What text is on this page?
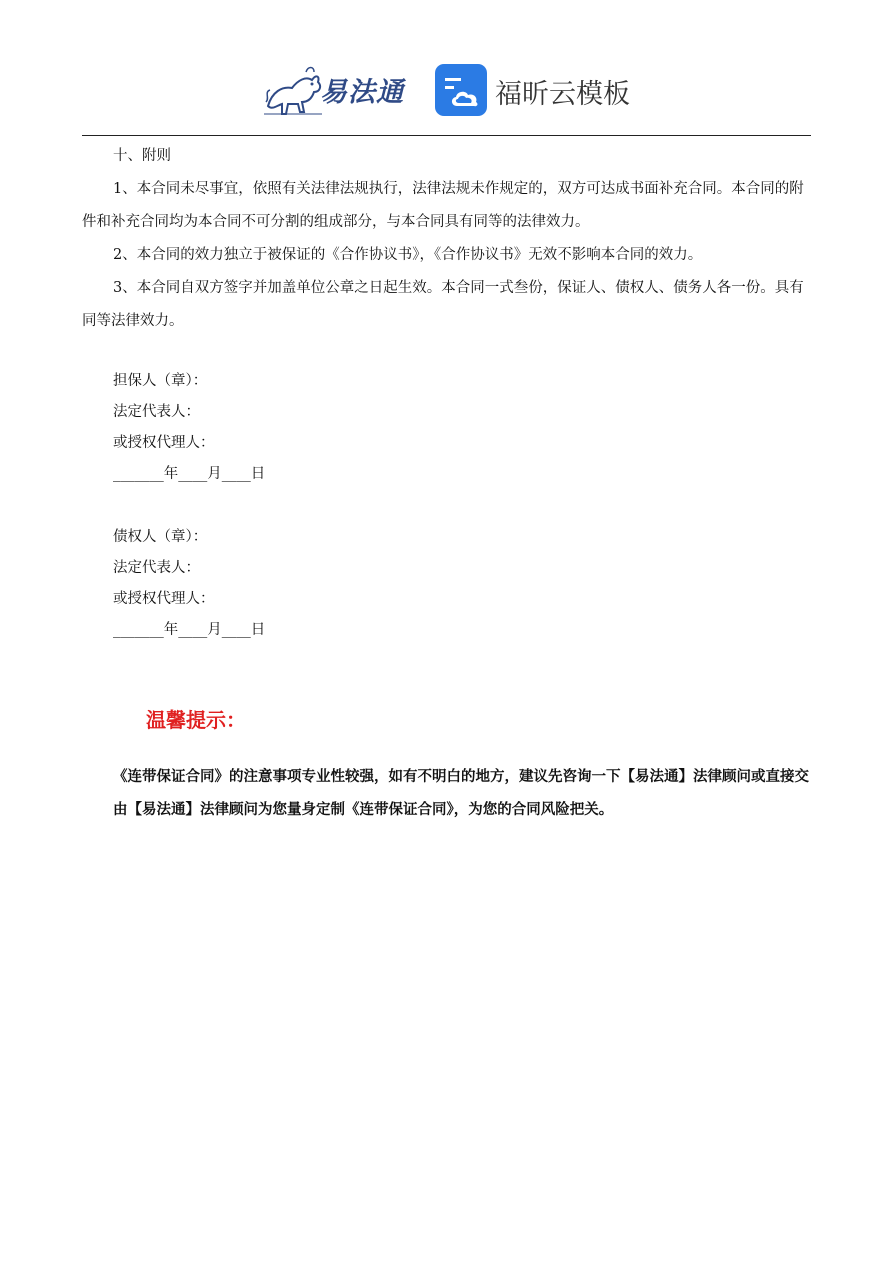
易法通	福昕云模板

十、附则

1、本合同未尽事宜，依照有关法律法规执行，法律法规未作规定的，双方可达成书面补充合同。本合同的附件和补充合同均为本合同不可分割的组成部分，与本合同具有同等的法律效力。

2、本合同的效力独立于被保证的《合作协议书》，《合作协议书》无效不影响本合同的效力。

3、本合同自双方签字并加盖单位公章之日起生效。本合同一式叁份，保证人、债权人、债务人各一份。具有同等法律效力。

担保人（章）：
法定代表人：
或授权代理人：
_______年____月____日
债权人（章）：
法定代表人：
或授权代理人：
_______年____月____日
温馨提示：
《连带保证合同》的注意事项专业性较强，如有不明白的地方，建议先咨询一下【易法通】法律顾问或直接交由【易法通】法律顾问为您量身定制《连带保证合同》，为您的合同风险把关。
